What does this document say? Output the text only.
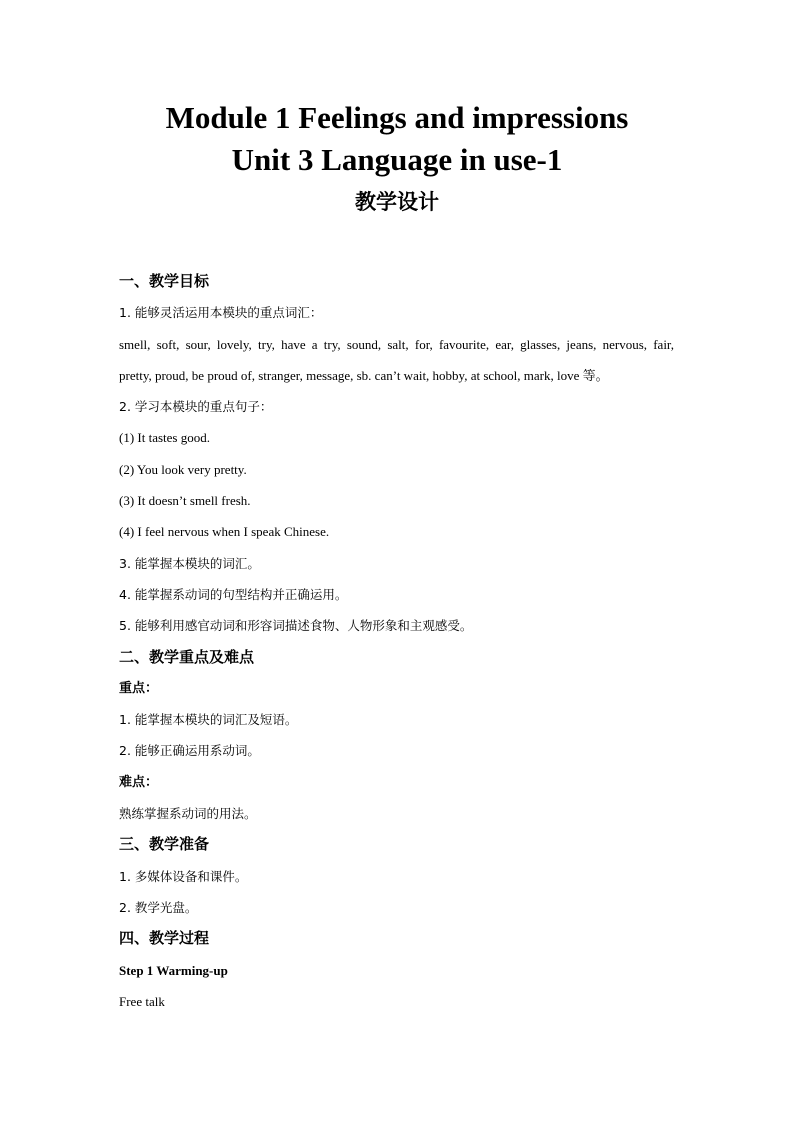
Module 1 Feelings and impressions
Unit 3 Language in use-1
教学设计
一、教学目标
1. 能够灵活运用本模块的重点词汇：
smell, soft, sour, lovely, try, have a try, sound, salt, for, favourite, ear, glasses, jeans, nervous, fair,
pretty, proud, be proud of, stranger, message, sb. can’t wait, hobby, at school, mark, love 等。
2. 学习本模块的重点句子：
(1) It tastes good.
(2) You look very pretty.
(3) It doesn’t smell fresh.
(4) I feel nervous when I speak Chinese.
3. 能掌握本模块的词汇。
4. 能掌握系动词的句型结构并正确运用。
5. 能够利用感官动词和形容词描述食物、人物形象和主观感受。
二、教学重点及难点
重点：
1. 能掌握本模块的词汇及短语。
2. 能够正确运用系动词。
难点：
熟练掌握系动词的用法。
三、教学准备
1. 多媒体设备和课件。
2. 教学光盘。
四、教学过程
Step 1 Warming-up
Free talk
